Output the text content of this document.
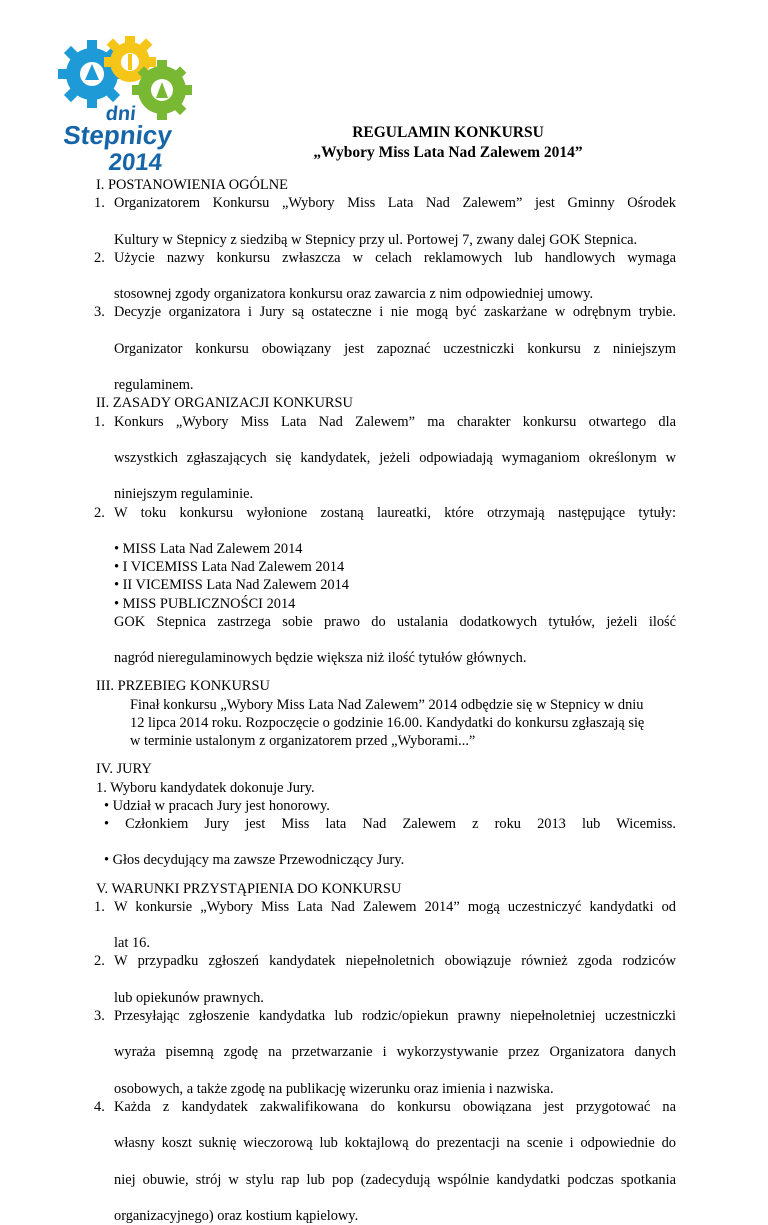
dni
Stepnicy
2014
REGULAMIN KONKURSU
„Wybory Miss Lata Nad Zalewem 2014”
I. POSTANOWIENIA OGÓLNE
1. Organizatorem Konkursu „Wybory Miss Lata Nad Zalewem” jest Gminny Ośrodek
Kultury w Stepnicy z siedzibą w Stepnicy przy ul. Portowej 7, zwany dalej GOK Stepnica.
2. Użycie nazwy konkursu zwłaszcza w celach reklamowych lub handlowych wymaga
stosownej zgody organizatora konkursu oraz zawarcia z nim odpowiedniej umowy.
3. Decyzje organizatora i Jury są ostateczne i nie mogą być zaskarżane w odrębnym trybie.
Organizator konkursu obowiązany jest zapoznać uczestniczki konkursu z niniejszym
regulaminem.
II. ZASADY ORGANIZACJI KONKURSU
1. Konkurs „Wybory Miss Lata Nad Zalewem” ma charakter konkursu otwartego dla
wszystkich zgłaszających się kandydatek, jeżeli odpowiadają wymaganiom określonym w
niniejszym regulaminie.
2. W toku konkursu wyłonione zostaną laureatki, które otrzymają następujące tytuły:
• MISS Lata Nad Zalewem 2014
• I VICEMISS Lata Nad Zalewem 2014
• II VICEMISS Lata Nad Zalewem 2014
• MISS PUBLICZNOŚCI 2014
GOK Stepnica zastrzega sobie prawo do ustalania dodatkowych tytułów, jeżeli ilość
nagród nieregulaminowych będzie większa niż ilość tytułów głównych.
III. PRZEBIEG KONKURSU
Finał konkursu „Wybory Miss Lata Nad Zalewem” 2014 odbędzie się w Stepnicy w dniu
12 lipca 2014 roku. Rozpoczęcie o godzinie 16.00. Kandydatki do konkursu zgłaszają się
w terminie ustalonym z organizatorem przed „Wyborami...”
IV. JURY
1. Wyboru kandydatek dokonuje Jury.
• Udział w pracach Jury jest honorowy.
• Członkiem Jury jest Miss lata Nad Zalewem z roku 2013 lub Wicemiss.
• Głos decydujący ma zawsze Przewodniczący Jury.
V. WARUNKI PRZYSTĄPIENIA DO KONKURSU
1. W konkursie „Wybory Miss Lata Nad Zalewem 2014” mogą uczestniczyć kandydatki od
lat 16.
2. W przypadku zgłoszeń kandydatek niepełnoletnich obowiązuje również zgoda rodziców
lub opiekunów prawnych.
3. Przesyłając zgłoszenie kandydatka lub rodzic/opiekun prawny niepełnoletniej uczestniczki
wyraża pisemną zgodę na przetwarzanie i wykorzystywanie przez Organizatora danych
osobowych, a także zgodę na publikację wizerunku oraz imienia i nazwiska.
4. Każda z kandydatek zakwalifikowana do konkursu obowiązana jest przygotować na
własny koszt suknię wieczorową lub koktajlową do prezentacji na scenie i odpowiednie do
niej obuwie, strój w stylu rap lub pop (zadecydują wspólnie kandydatki podczas spotkania
organizacyjnego) oraz kostium kąpielowy.
